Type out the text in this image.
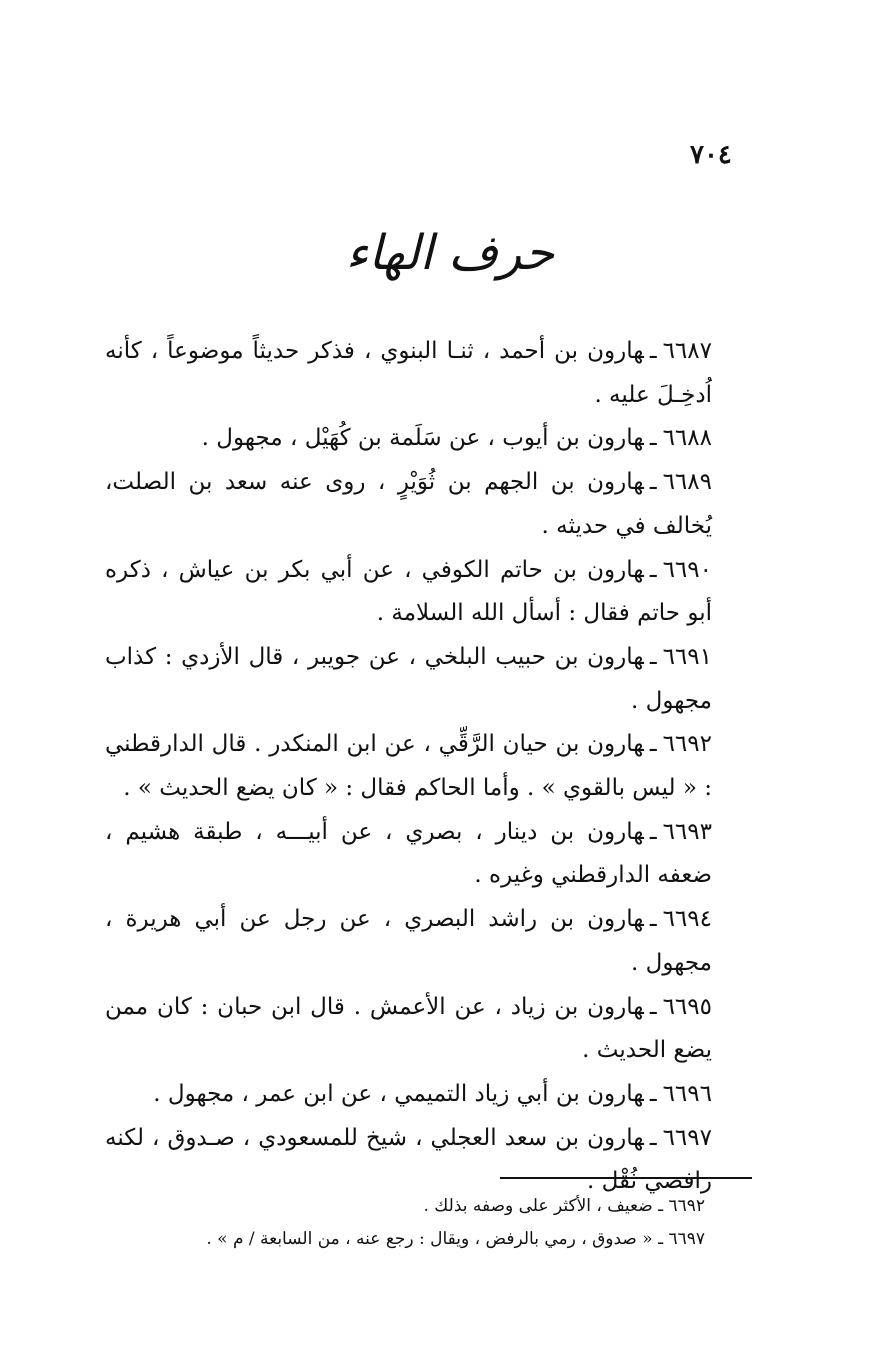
٧٠٤
حرف الهاء

٦٦٨٧ـهارون بن أحمد ، ثنـا البنوي ، فذكر حديثاً موضوعاً ، كأنه اُدخِـلَ عليه .

٦٦٨٨ـهارون بن أيوب ، عن سَلَمة بن كُهَيْل ، مجهول .

٦٦٨٩ـهارون بن الجهم بن ثُوَيْرٍ ، روى عنه سعد بن الصلت، يُخالف في حديثه .

٦٦٩٠ـهارون بن حاتم الكوفي ، عن أبي بكر بن عياش ، ذكره أبو حاتم فقال : أسأل الله السلامة .

٦٦٩١ـهارون بن حبيب البلخي ، عن جويبر ، قال الأزدي : كذاب مجهول .

٦٦٩٢ـهارون بن حيان الرَّقِّي ، عن ابن المنكدر . قال الدارقطني : « ليس بالقوي » . وأما الحاكم فقال : « كان يضع الحديث » .

٦٦٩٣ـهارون بن دينار ، بصري ، عن أبيـــه ، طبقة هشيم ، ضعفه الدارقطني وغيره .

٦٦٩٤ـهارون بن راشد البصري ، عن رجل عن أبي هريرة ، مجهول .

٦٦٩٥ـهارون بن زياد ، عن الأعمش . قال ابن حبان : كان ممن يضع الحديث .

٦٦٩٦ـهارون بن أبي زياد التميمي ، عن ابن عمر ، مجهول .

٦٦٩٧ـهارون بن سعد العجلي ، شيخ للمسعودي ، صـدوق ، لكنه رافضي ثُقْل .

٦٦٩٢ ـ ضعيف ، الأكثر على وصفه بذلك .

٦٦٩٧ ـ « صدوق ، رمي بالرفض ، ويقال : رجع عنه ، من السابعة / م » .
